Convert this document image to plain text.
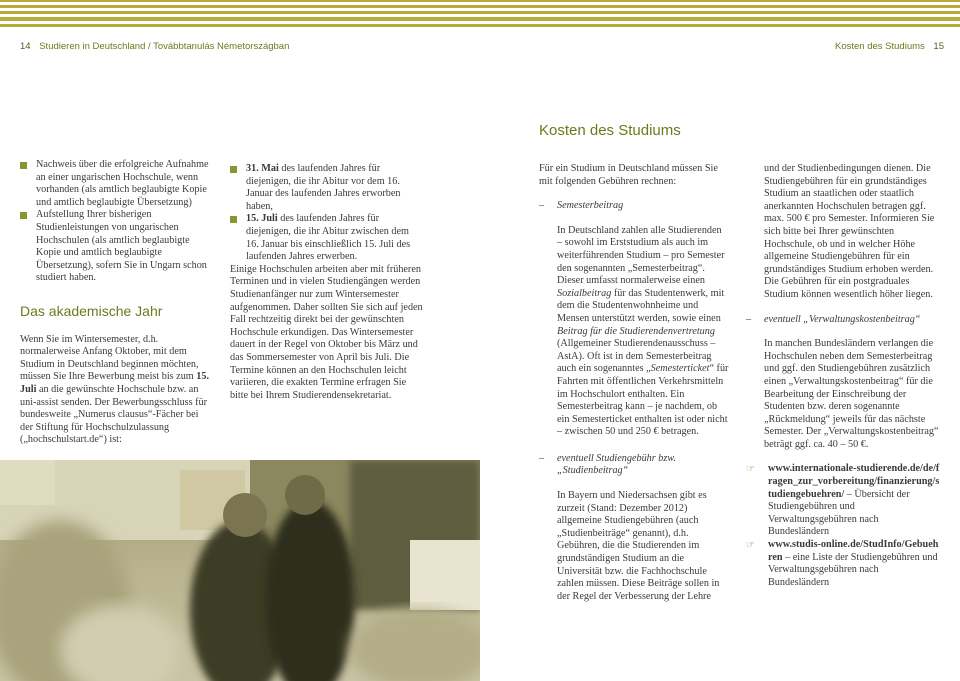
14 Studieren in Deutschland / Továbbtanulás Németországban	Kosten des Studiums 15
Kosten des Studiums
Nachweis über die erfolgreiche Aufnahme an einer ungarischen Hochschule, wenn vorhanden (als amtlich beglaubigte Kopie und amtlich beglaubigte Übersetzung)
Aufstellung Ihrer bisherigen Studienleistungen von ungarischen Hochschulen (als amtlich beglaubigte Kopie und amtlich beglaubigte Übersetzung), sofern Sie in Ungarn schon studiert haben.
Das akademische Jahr

Wenn Sie im Wintersemester, d.h. normalerweise Anfang Oktober, mit dem Studium in Deutschland beginnen möchten, müssen Sie Ihre Bewerbung meist bis zum 15. Juli an die gewünschte Hochschule bzw. an uni-assist senden. Der Bewerbungsschluss für bundesweite „Numerus clausus“-Fächer bei der Stiftung für Hochschulzulassung („hochschulstart.de“) ist:

31. Mai des laufenden Jahres für diejenigen, die ihr Abitur vor dem 16. Januar des laufenden Jahres erworben haben,
15. Juli des laufenden Jahres für diejenigen, die ihr Abitur zwischen dem 16. Januar bis einschließlich 15. Juli des laufenden Jahres erwerben.

Einige Hochschulen arbeiten aber mit früheren Terminen und in vielen Studiengängen werden Studienanfänger nur zum Wintersemester aufgenommen. Daher sollten Sie sich auf jeden Fall rechtzeitig direkt bei der gewünschten Hochschule erkundigen. Das Wintersemester dauert in der Regel von Oktober bis März und das Sommersemester von April bis Juli. Die Termine können an den Hochschulen leicht variieren, die exakten Termine erfragen Sie bitte bei Ihrem Studierendensekretariat.

Für ein Studium in Deutschland müssen Sie mit folgenden Gebühren rechnen:

– Semesterbeitrag

In Deutschland zahlen alle Studierenden – sowohl im Erststudium als auch im weiterführenden Studium – pro Semester den sogenannten „Semesterbeitrag“. Dieser umfasst normalerweise einen Sozialbeitrag für das Studentenwerk, mit dem die Studentenwohnheime und Mensen unterstützt werden, sowie einen Beitrag für die Studierendenvertretung (Allgemeiner Studierendenausschuss – AstA). Oft ist in dem Semesterbeitrag auch ein sogenanntes „Semesterticket“ für Fahrten mit öffentlichen Verkehrsmitteln im Hochschulort enthalten. Ein Semesterbeitrag kann – je nachdem, ob ein Semesterticket enthalten ist oder nicht – zwischen 50 und 250 € betragen.

– eventuell Studiengebühr bzw. „Studienbeitrag“

In Bayern und Niedersachsen gibt es zurzeit (Stand: Dezember 2012) allgemeine Studiengebühren (auch „Studienbeiträge“ genannt), d.h. Gebühren, die die Studierenden im grundständigen Studium an die Universität bzw. die Fachhochschule zahlen müssen. Diese Beiträge sollen in der Regel der Verbesserung der Lehre

und der Studienbedingungen dienen. Die Studiengebühren für ein grundständiges Studium an staatlichen oder staatlich anerkannten Hochschulen betragen ggf. max. 500 € pro Semester. Informieren Sie sich bitte bei Ihrer gewünschten Hochschule, ob und in welcher Höhe allgemeine Studiengebühren für ein grundständiges Studium erhoben werden. Die Gebühren für ein postgraduales Studium können wesentlich höher liegen.

– eventuell „Verwaltungskostenbeitrag“

In manchen Bundesländern verlangen die Hochschulen neben dem Semesterbeitrag und ggf. den Studiengebühren zusätzlich einen „Verwaltungskostenbeitrag“ für die Bearbeitung der Einschreibung der Studenten bzw. deren sogenannte „Rückmeldung“ jeweils für das nächste Semester. Der „Verwaltungskostenbeitrag“ beträgt ggf. ca. 40 – 50 €.

☞ www.internationale-studierende.de/de/fragen_zur_vorbereitung/finanzierung/studiengebuehren/ – Übersicht der Studiengebühren und Verwaltungsgebühren nach Bundesländern
☞ www.studis-online.de/StudInfo/Gebuehren – eine Liste der Studiengebühren und Verwaltungsgebühren nach Bundesländern
